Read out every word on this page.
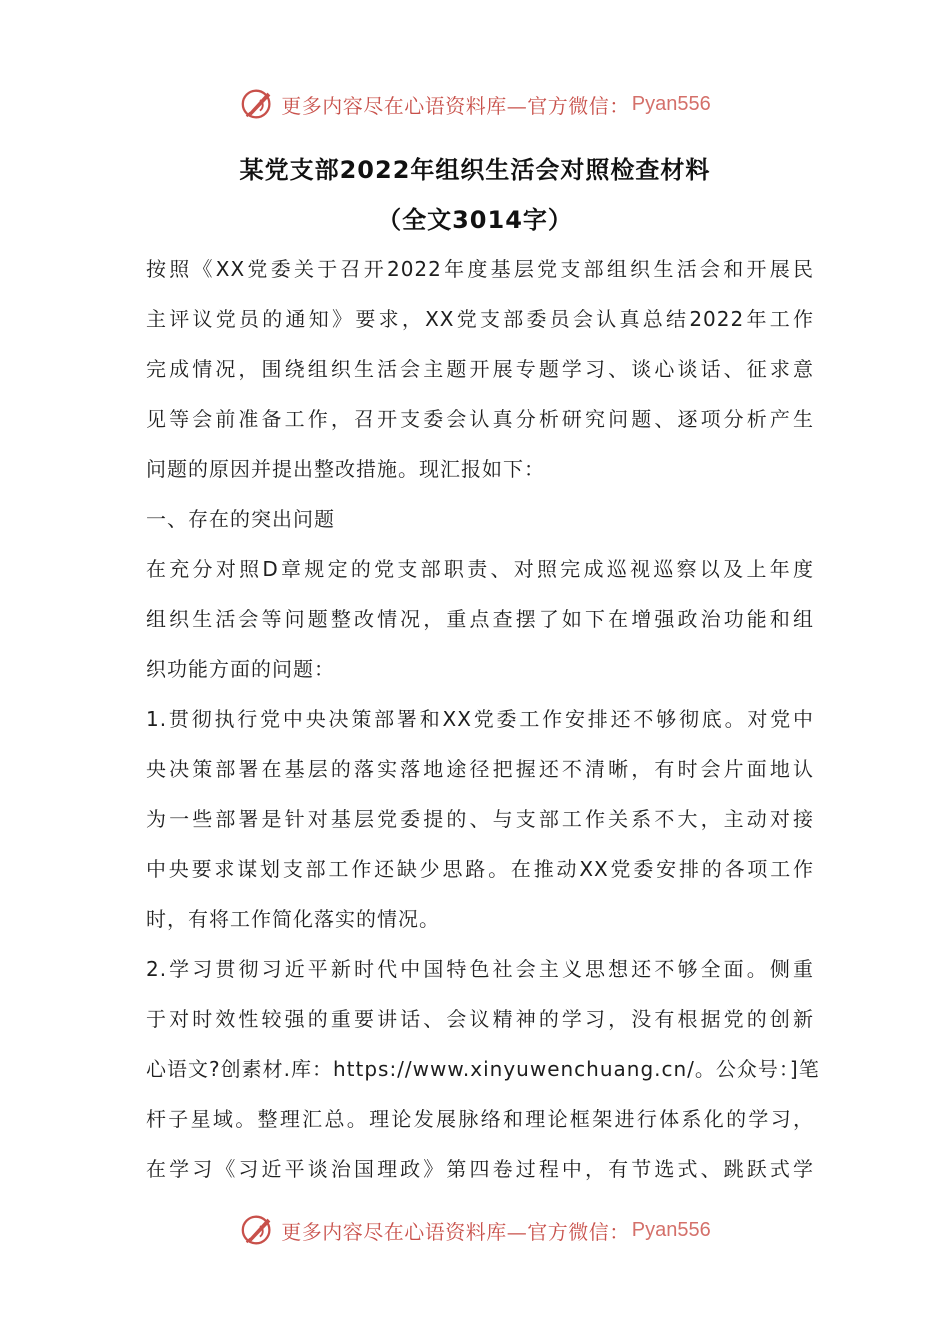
更多内容尽在心语资料库—官方微信： Pyan556
某党支部2022年组织生活会对照检查材料
（全文3014字）
按照《XX党委关于召开2022年度基层党支部组织生活会和开展民
主评议党员的通知》要求，XX党支部委员会认真总结2022年工作
完成情况，围绕组织生活会主题开展专题学习、谈心谈话、征求意
见等会前准备工作，召开支委会认真分析研究问题、逐项分析产生
问题的原因并提出整改措施。现汇报如下：
一、存在的突出问题
在充分对照D章规定的党支部职责、对照完成巡视巡察以及上年度
组织生活会等问题整改情况，重点查摆了如下在增强政治功能和组
织功能方面的问题：
1.贯彻执行党中央决策部署和XX党委工作安排还不够彻底。对党中
央决策部署在基层的落实落地途径把握还不清晰，有时会片面地认
为一些部署是针对基层党委提的、与支部工作关系不大，主动对接
中央要求谋划支部工作还缺少思路。在推动XX党委安排的各项工作
时，有将工作简化落实的情况。
2.学习贯彻习近平新时代中国特色社会主义思想还不够全面。侧重
于对时效性较强的重要讲话、会议精神的学习，没有根据党的创新
心语文?创素材.库：https://www.xinyuwenchuang.cn/。公众号：]笔
杆子星域。整理汇总。理论发展脉络和理论框架进行体系化的学习，
在学习《习近平谈治国理政》第四卷过程中，有节选式、跳跃式学
更多内容尽在心语资料库—官方微信： Pyan556
